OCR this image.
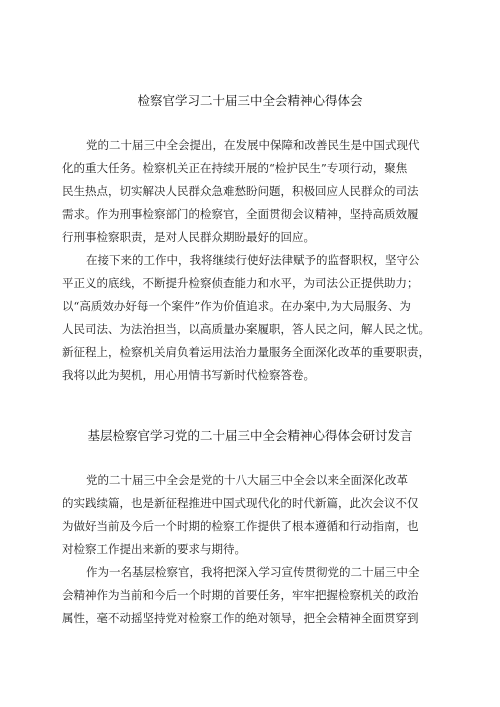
检察官学习二十届三中全会精神心得体会
党的二十届三中全会提出，在发展中保障和改善民生是中国式现代
化的重大任务。检察机关正在持续开展的“检护民生”专项行动，聚焦
民生热点，切实解决人民群众急难愁盼问题，积极回应人民群众的司法
需求。作为刑事检察部门的检察官，全面贯彻会议精神，坚持高质效履
行刑事检察职责，是对人民群众期盼最好的回应。
在接下来的工作中，我将继续行使好法律赋予的监督职权，坚守公
平正义的底线，不断提升检察侦查能力和水平，为司法公正提供助力；
以“高质效办好每一个案件”作为价值追求。在办案中,为大局服务、为
人民司法、为法治担当，以高质量办案履职，答人民之问，解人民之忧。
新征程上，检察机关肩负着运用法治力量服务全面深化改革的重要职责，
我将以此为契机，用心用情书写新时代检察答卷。
基层检察官学习党的二十届三中全会精神心得体会研讨发言
党的二十届三中全会是党的十八大届三中全会以来全面深化改革
的实践续篇，也是新征程推进中国式现代化的时代新篇，此次会议不仅
为做好当前及今后一个时期的检察工作提供了根本遵循和行动指南，也
对检察工作提出来新的要求与期待。
作为一名基层检察官，我将把深入学习宣传贯彻党的二十届三中全
会精神作为当前和今后一个时期的首要任务，牢牢把握检察机关的政治
属性，毫不动摇坚持党对检察工作的绝对领导，把全会精神全面贯穿到
